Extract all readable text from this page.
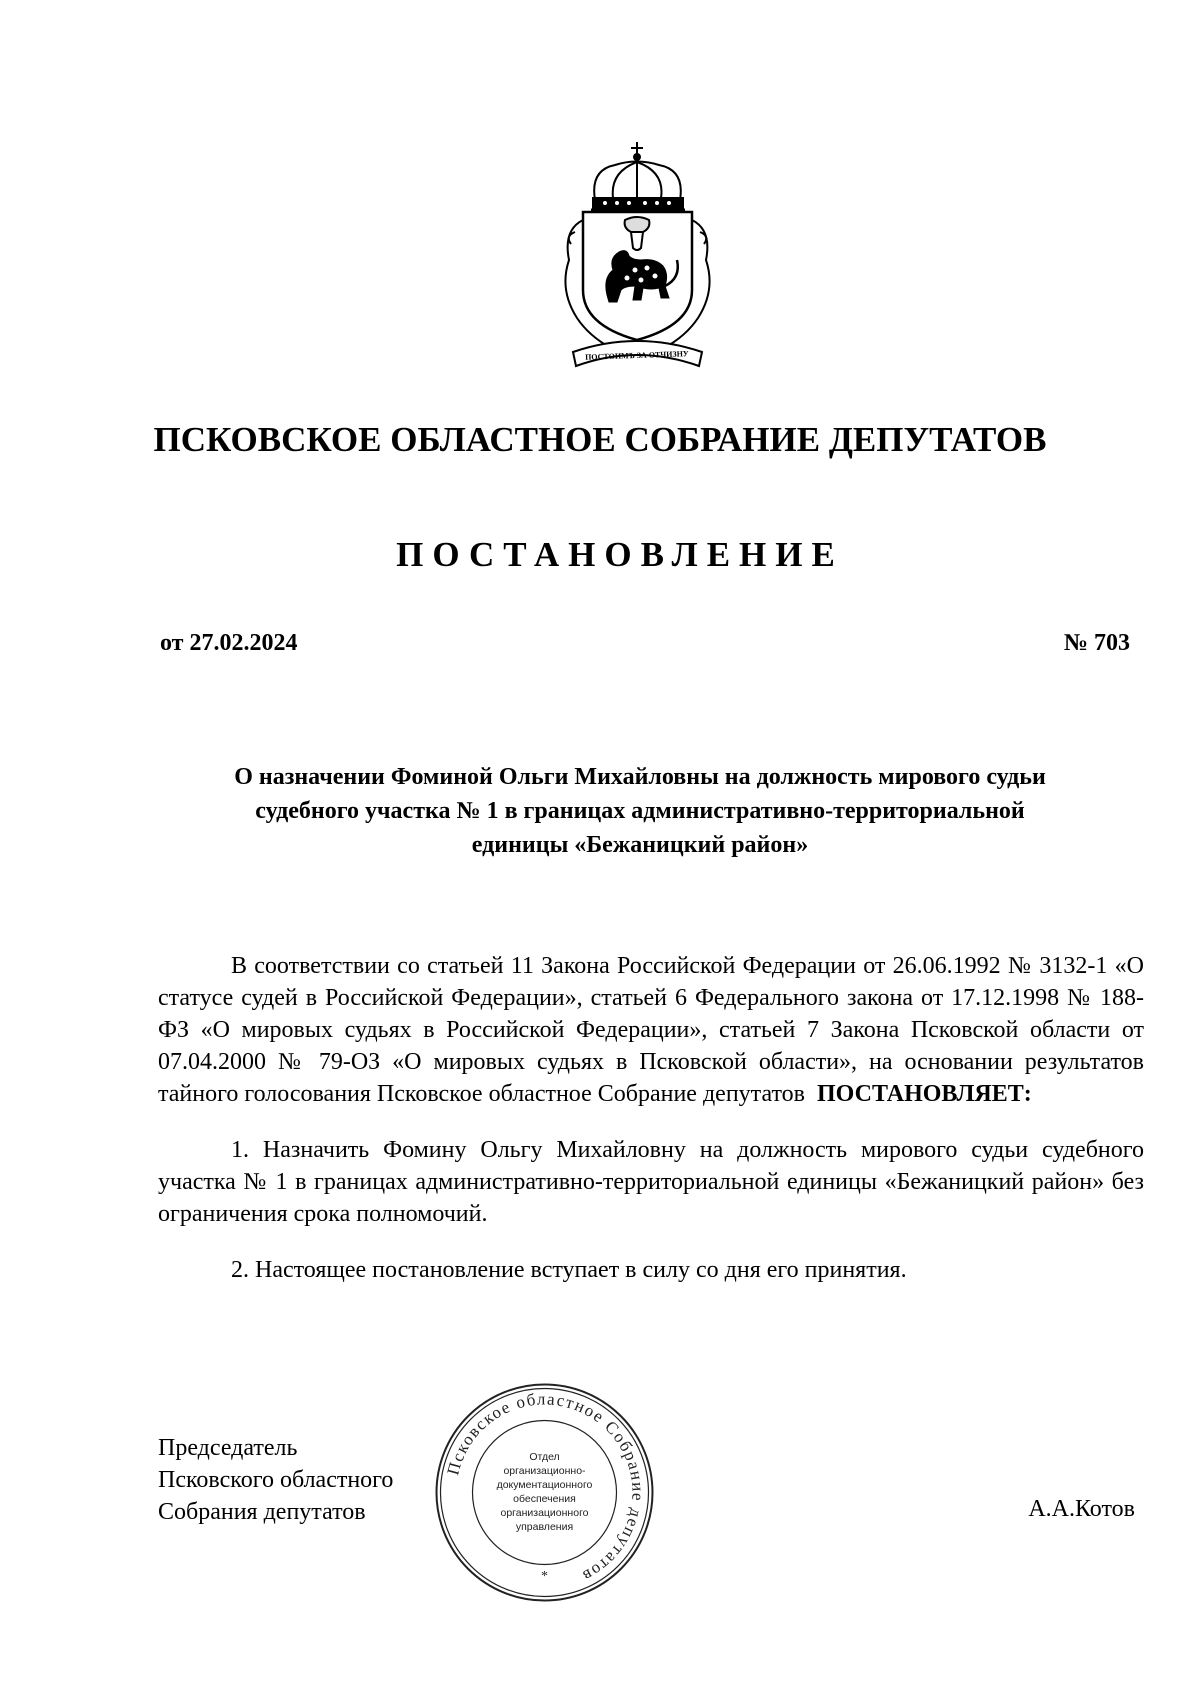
ПОСТОИМЪ ЗА ОТЧИЗНУ
ПСКОВСКОЕ ОБЛАСТНОЕ СОБРАНИЕ ДЕПУТАТОВ
ПОСТАНОВЛЕНИЕ
от 27.02.2024	№ 703
О назначении Фоминой Ольги Михайловны на должность мирового судьи
судебного участка № 1 в границах административно-территориальной
единицы «Бежаницкий район»

В соответствии со статьей 11 Закона Российской Федерации от 26.06.1992 № 3132-1 «О статусе судей в Российской Федерации», статьей 6 Федерального закона от 17.12.1998 № 188-ФЗ «О мировых судьях в Российской Федерации», статьей 7 Закона Псковской области от 07.04.2000 № 79-ОЗ «О мировых судьях в Псковской области», на основании результатов тайного голосования Псковское областное Собрание депутатов ПОСТАНОВЛЯЕТ:

1. Назначить Фомину Ольгу Михайловну на должность мирового судьи судебного участка № 1 в границах административно-территориальной единицы «Бежаницкий район» без ограничения срока полномочий.

2. Настоящее постановление вступает в силу со дня его принятия.

Председатель
Псковского областного
Собрания депутатов	А.А.Котов
Псковское областное Собрание депутатов
Отдел
организационно-
документационного
обеспечения
организационного
управления
*
